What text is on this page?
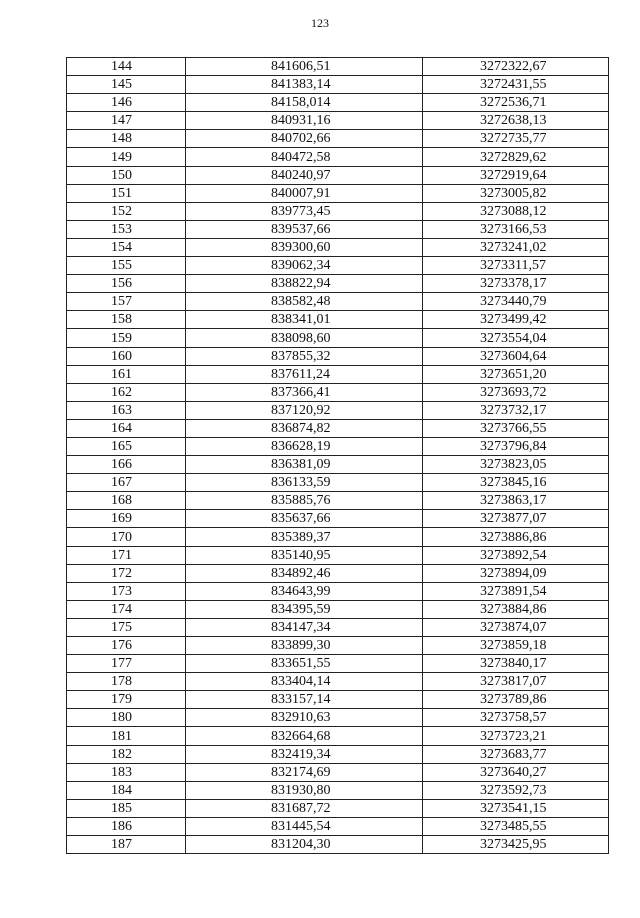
123
144	841606,51	3272322,67
145	841383,14	3272431,55
146	84158,014	3272536,71
147	840931,16	3272638,13
148	840702,66	3272735,77
149	840472,58	3272829,62
150	840240,97	3272919,64
151	840007,91	3273005,82
152	839773,45	3273088,12
153	839537,66	3273166,53
154	839300,60	3273241,02
155	839062,34	3273311,57
156	838822,94	3273378,17
157	838582,48	3273440,79
158	838341,01	3273499,42
159	838098,60	3273554,04
160	837855,32	3273604,64
161	837611,24	3273651,20
162	837366,41	3273693,72
163	837120,92	3273732,17
164	836874,82	3273766,55
165	836628,19	3273796,84
166	836381,09	3273823,05
167	836133,59	3273845,16
168	835885,76	3273863,17
169	835637,66	3273877,07
170	835389,37	3273886,86
171	835140,95	3273892,54
172	834892,46	3273894,09
173	834643,99	3273891,54
174	834395,59	3273884,86
175	834147,34	3273874,07
176	833899,30	3273859,18
177	833651,55	3273840,17
178	833404,14	3273817,07
179	833157,14	3273789,86
180	832910,63	3273758,57
181	832664,68	3273723,21
182	832419,34	3273683,77
183	832174,69	3273640,27
184	831930,80	3273592,73
185	831687,72	3273541,15
186	831445,54	3273485,55
187	831204,30	3273425,95
